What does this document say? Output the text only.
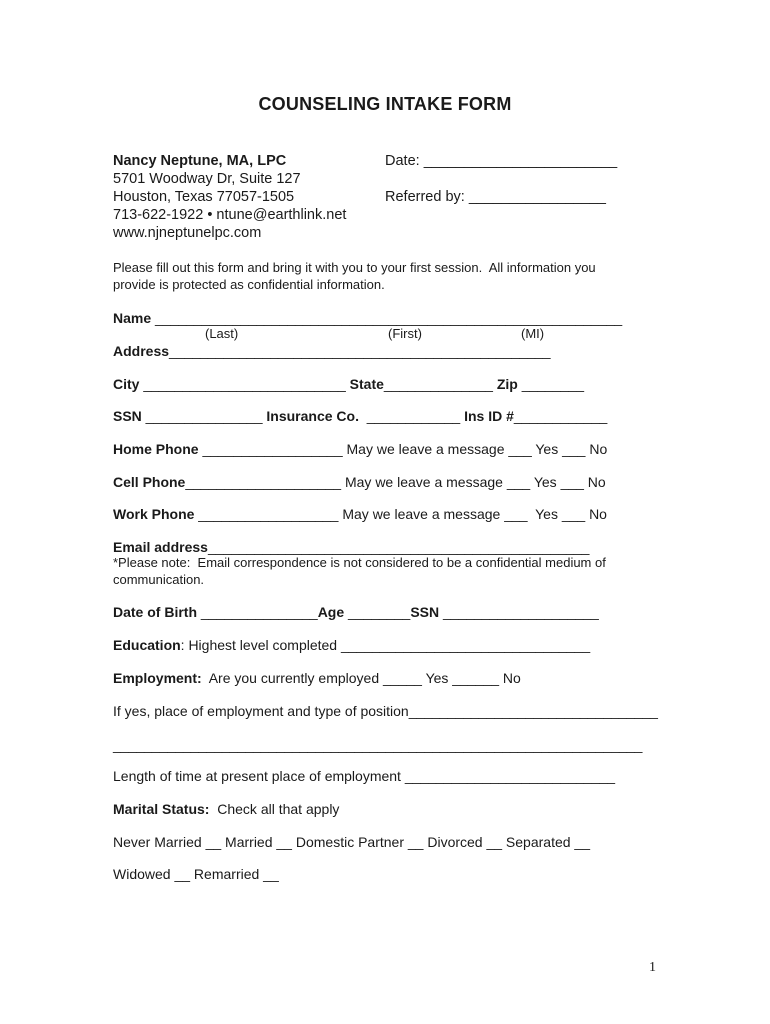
COUNSELING INTAKE FORM
Nancy Neptune, MA, LPC
5701 Woodway Dr, Suite 127
Houston, Texas 77057-1505
713-622-1922 • ntune@earthlink.net
www.njneptunelpc.com
Date: ________________________
Referred by: _________________
Please fill out this form and bring it with you to your first session.  All information you
provide is protected as confidential information.
Name ____________________________________________________________
(Last)	(First)	(MI)
Address_________________________________________________
City __________________________ State______________ Zip ________
SSN _______________ Insurance Co.  ____________ Ins ID #____________
Home Phone __________________ May we leave a message ___ Yes ___ No
Cell Phone____________________ May we leave a message ___ Yes ___ No
Work Phone __________________ May we leave a message ___  Yes ___ No
Email address_________________________________________________
*Please note:  Email correspondence is not considered to be a confidential medium of
communication.
Date of Birth _______________Age ________SSN ____________________
Education: Highest level completed ________________________________
Employment:  Are you currently employed _____ Yes ______ No
If yes, place of employment and type of position________________________________
____________________________________________________________________
Length of time at present place of employment ___________________________
Marital Status:  Check all that apply
Never Married __ Married __ Domestic Partner __ Divorced __ Separated __
Widowed __ Remarried __
1
